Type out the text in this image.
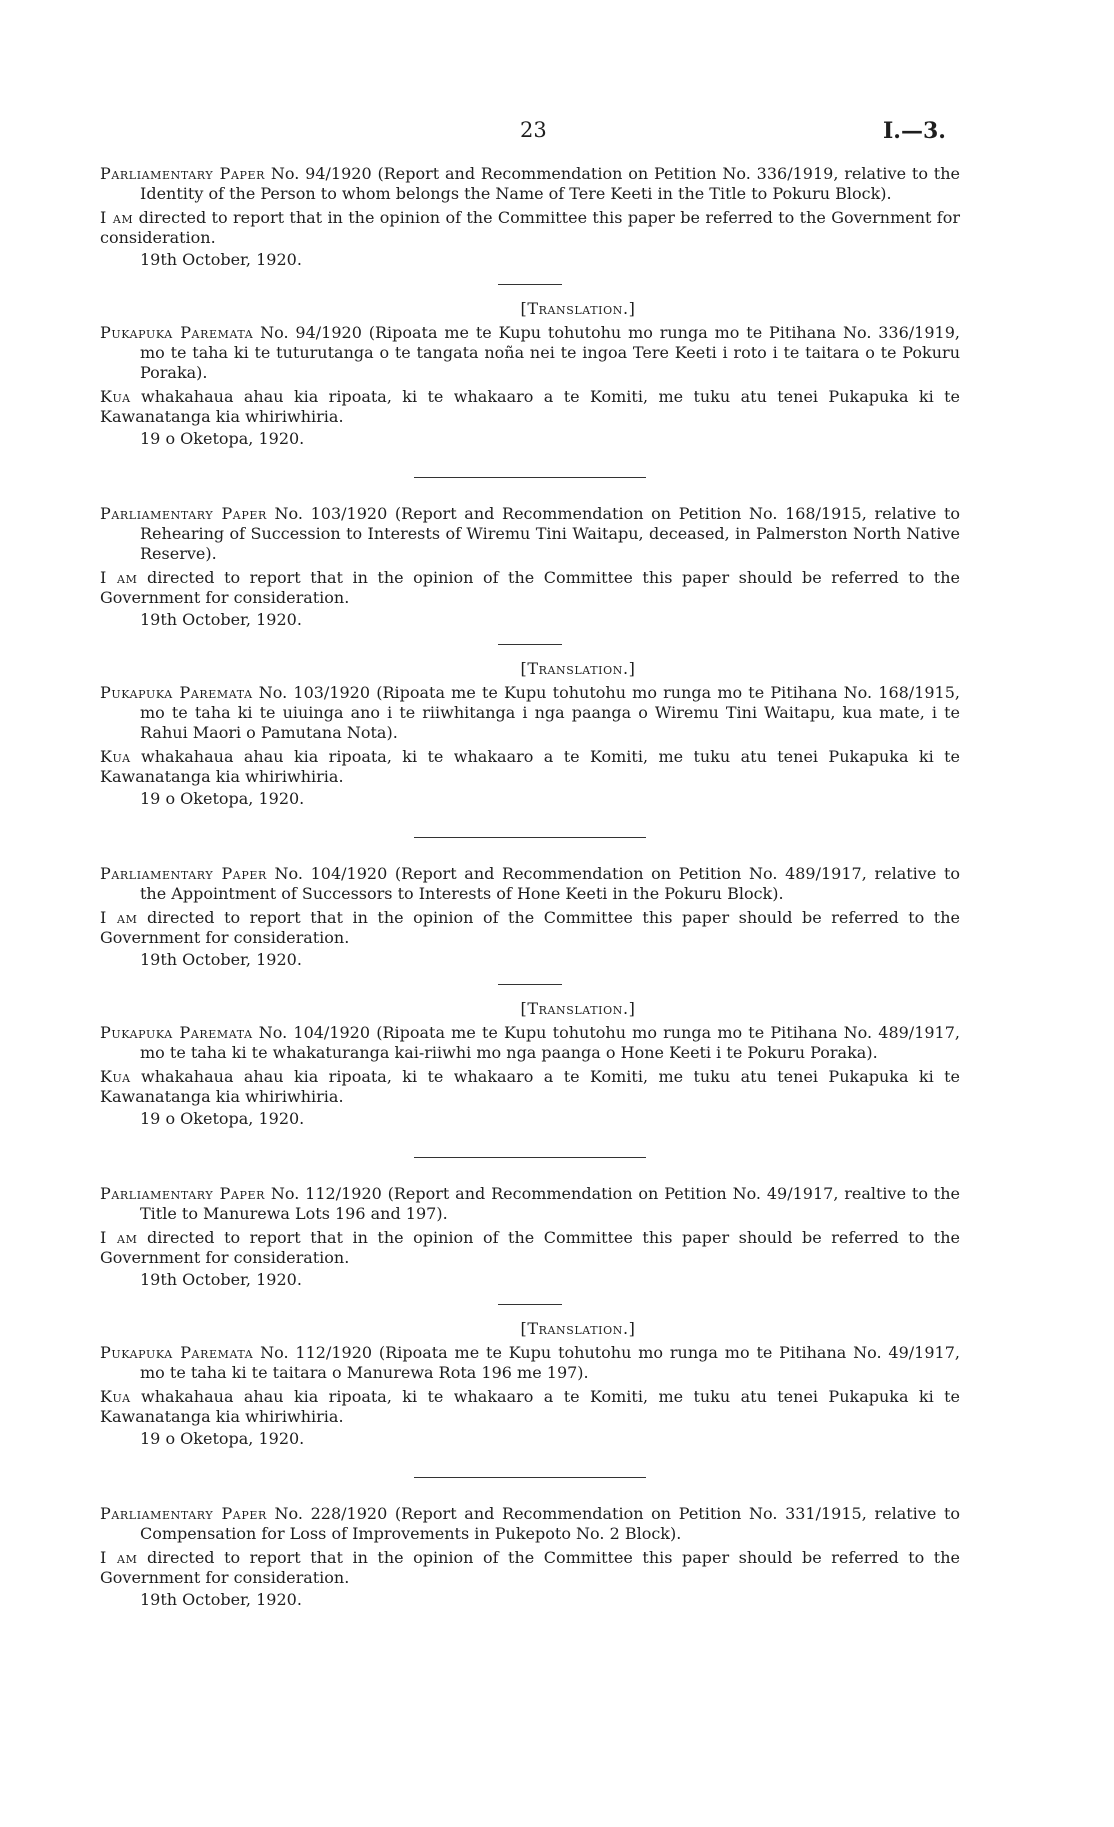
23	I.—3.

Parliamentary Paper No. 94/1920 (Report and Recommendation on Petition No. 336/1919, relative to the Identity of the Person to whom belongs the Name of Tere Keeti in the Title to Pokuru Block).

I am directed to report that in the opinion of the Committee this paper be referred to the Government for consideration.

19th October, 1920.

[Translation.]

Pukapuka Paremata No. 94/1920 (Ripoata me te Kupu tohutohu mo runga mo te Pitihana No. 336/1919, mo te taha ki te tuturutanga o te tangata noña nei te ingoa Tere Keeti i roto i te taitara o te Pokuru Poraka).

Kua whakahaua ahau kia ripoata, ki te whakaaro a te Komiti, me tuku atu tenei Pukapuka ki te Kawanatanga kia whiriwhiria.

19 o Oketopa, 1920.

Parliamentary Paper No. 103/1920 (Report and Recommendation on Petition No. 168/1915, relative to Rehearing of Succession to Interests of Wiremu Tini Waitapu, deceased, in Palmerston North Native Reserve).

I am directed to report that in the opinion of the Committee this paper should be referred to the Government for consideration.

19th October, 1920.

[Translation.]

Pukapuka Paremata No. 103/1920 (Ripoata me te Kupu tohutohu mo runga mo te Pitihana No. 168/1915, mo te taha ki te uiuinga ano i te riiwhitanga i nga paanga o Wiremu Tini Waitapu, kua mate, i te Rahui Maori o Pamutana Nota).

Kua whakahaua ahau kia ripoata, ki te whakaaro a te Komiti, me tuku atu tenei Pukapuka ki te Kawanatanga kia whiriwhiria.

19 o Oketopa, 1920.

Parliamentary Paper No. 104/1920 (Report and Recommendation on Petition No. 489/1917, relative to the Appointment of Successors to Interests of Hone Keeti in the Pokuru Block).

I am directed to report that in the opinion of the Committee this paper should be referred to the Government for consideration.

19th October, 1920.

[Translation.]

Pukapuka Paremata No. 104/1920 (Ripoata me te Kupu tohutohu mo runga mo te Pitihana No. 489/1917, mo te taha ki te whakaturanga kai-riiwhi mo nga paanga o Hone Keeti i te Pokuru Poraka).

Kua whakahaua ahau kia ripoata, ki te whakaaro a te Komiti, me tuku atu tenei Pukapuka ki te Kawanatanga kia whiriwhiria.

19 o Oketopa, 1920.

Parliamentary Paper No. 112/1920 (Report and Recommendation on Petition No. 49/1917, realtive to the Title to Manurewa Lots 196 and 197).

I am directed to report that in the opinion of the Committee this paper should be referred to the Government for consideration.

19th October, 1920.

[Translation.]

Pukapuka Paremata No. 112/1920 (Ripoata me te Kupu tohutohu mo runga mo te Pitihana No. 49/1917, mo te taha ki te taitara o Manurewa Rota 196 me 197).

Kua whakahaua ahau kia ripoata, ki te whakaaro a te Komiti, me tuku atu tenei Pukapuka ki te Kawanatanga kia whiriwhiria.

19 o Oketopa, 1920.

Parliamentary Paper No. 228/1920 (Report and Recommendation on Petition No. 331/1915, relative to Compensation for Loss of Improvements in Pukepoto No. 2 Block).

I am directed to report that in the opinion of the Committee this paper should be referred to the Government for consideration.

19th October, 1920.
